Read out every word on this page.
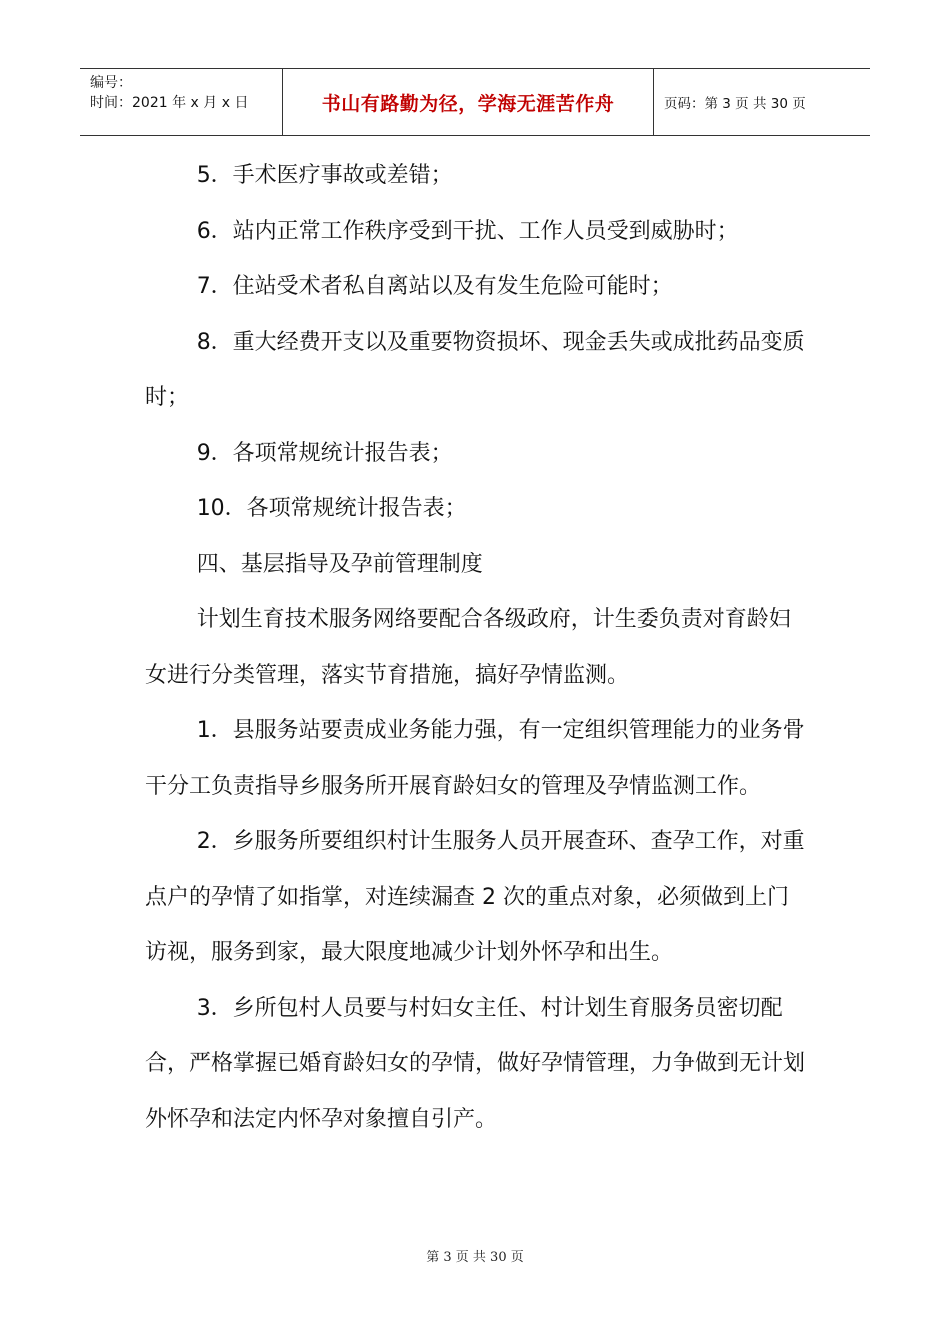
编号：
时间：2021 年 x 月 x 日	书山有路勤为径，学海无涯苦作舟	页码：第 3 页 共 30 页

5．手术医疗事故或差错；

6．站内正常工作秩序受到干扰、工作人员受到威胁时；

7．住站受术者私自离站以及有发生危险可能时；

8．重大经费开支以及重要物资损坏、现金丢失或成批药品变质时；

9．各项常规统计报告表；

10．各项常规统计报告表；

四、基层指导及孕前管理制度

计划生育技术服务网络要配合各级政府，计生委负责对育龄妇女进行分类管理，落实节育措施，搞好孕情监测。

1．县服务站要责成业务能力强，有一定组织管理能力的业务骨干分工负责指导乡服务所开展育龄妇女的管理及孕情监测工作。

2．乡服务所要组织村计生服务人员开展查环、查孕工作，对重点户的孕情了如指掌，对连续漏查 2 次的重点对象，必须做到上门访视，服务到家，最大限度地减少计划外怀孕和出生。

3．乡所包村人员要与村妇女主任、村计划生育服务员密切配合，严格掌握已婚育龄妇女的孕情，做好孕情管理，力争做到无计划外怀孕和法定内怀孕对象擅自引产。

第 3 页 共 30 页
